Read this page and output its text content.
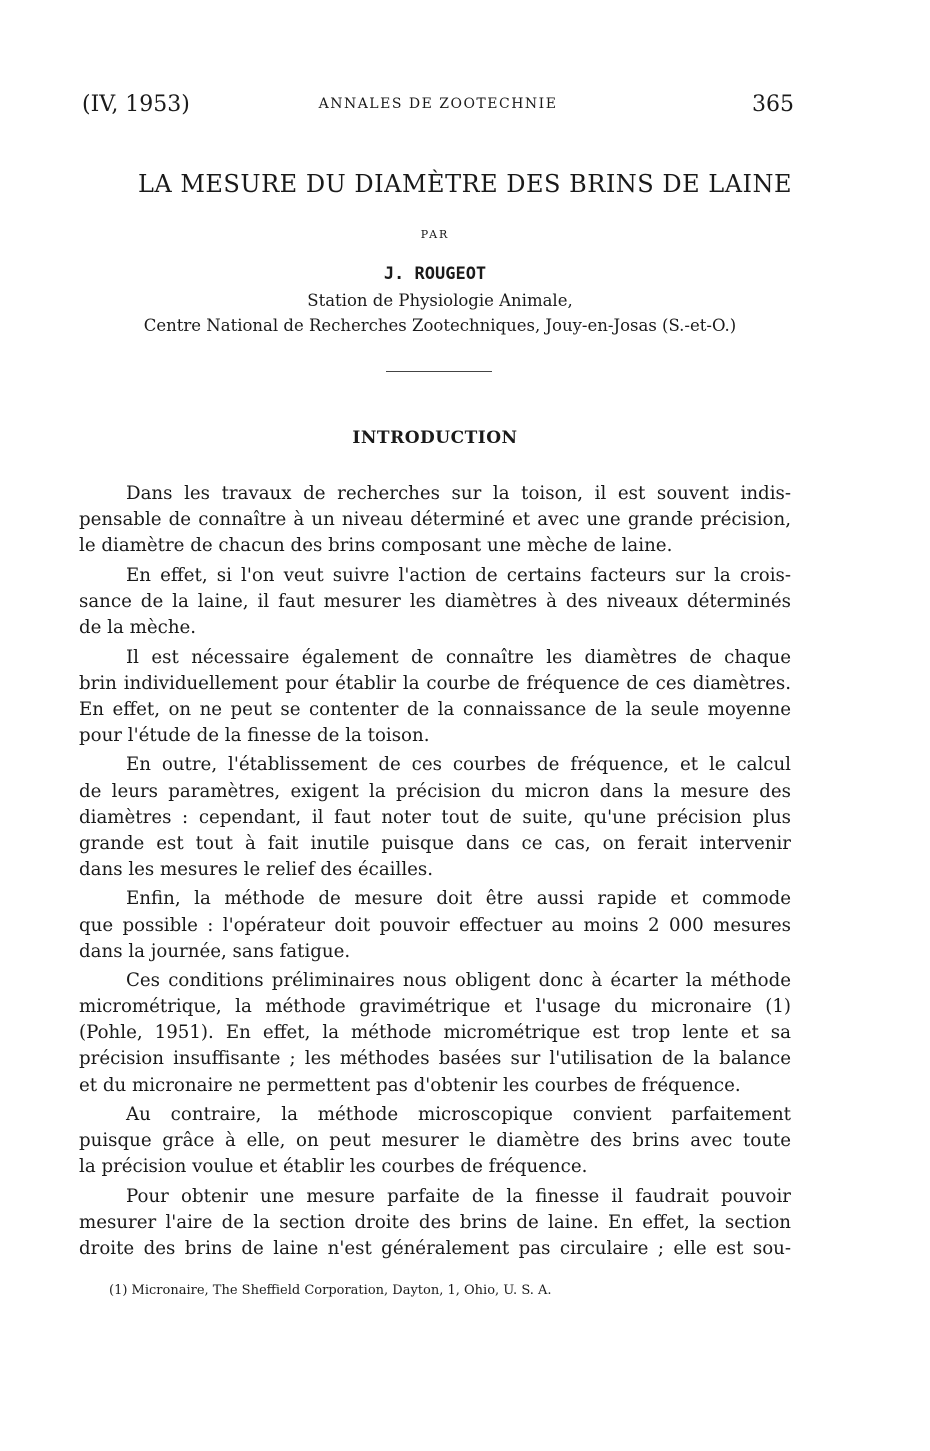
(IV, 1953)	ANNALES DE ZOOTECHNIE	365
LA MESURE DU DIAMÈTRE DES BRINS DE LAINE
PAR
J. ROUGEOT
Station de Physiologie Animale,
Centre National de Recherches Zootechniques, Jouy-en-Josas (S.-et-O.)
INTRODUCTION
Dans les travaux de recherches sur la toison, il est souvent indis-
pensable de connaître à un niveau déterminé et avec une grande précision,
le diamètre de chacun des brins composant une mèche de laine.
En effet, si l'on veut suivre l'action de certains facteurs sur la crois-
sance de la laine, il faut mesurer les diamètres à des niveaux déterminés
de la mèche.
Il est nécessaire également de connaître les diamètres de chaque
brin individuellement pour établir la courbe de fréquence de ces diamètres.
En effet, on ne peut se contenter de la connaissance de la seule moyenne
pour l'étude de la finesse de la toison.
En outre, l'établissement de ces courbes de fréquence, et le calcul
de leurs paramètres, exigent la précision du micron dans la mesure des
diamètres : cependant, il faut noter tout de suite, qu'une précision plus
grande est tout à fait inutile puisque dans ce cas, on ferait intervenir
dans les mesures le relief des écailles.
Enfin, la méthode de mesure doit être aussi rapide et commode
que possible : l'opérateur doit pouvoir effectuer au moins 2 000 mesures
dans la journée, sans fatigue.
Ces conditions préliminaires nous obligent donc à écarter la méthode
micrométrique, la méthode gravimétrique et l'usage du micronaire (1)
(Pohle, 1951). En effet, la méthode micrométrique est trop lente et sa
précision insuffisante ; les méthodes basées sur l'utilisation de la balance
et du micronaire ne permettent pas d'obtenir les courbes de fréquence.
Au contraire, la méthode microscopique convient parfaitement
puisque grâce à elle, on peut mesurer le diamètre des brins avec toute
la précision voulue et établir les courbes de fréquence.
Pour obtenir une mesure parfaite de la finesse il faudrait pouvoir
mesurer l'aire de la section droite des brins de laine. En effet, la section
droite des brins de laine n'est généralement pas circulaire ; elle est sou-
(1) Micronaire, The Sheffield Corporation, Dayton, 1, Ohio, U. S. A.
